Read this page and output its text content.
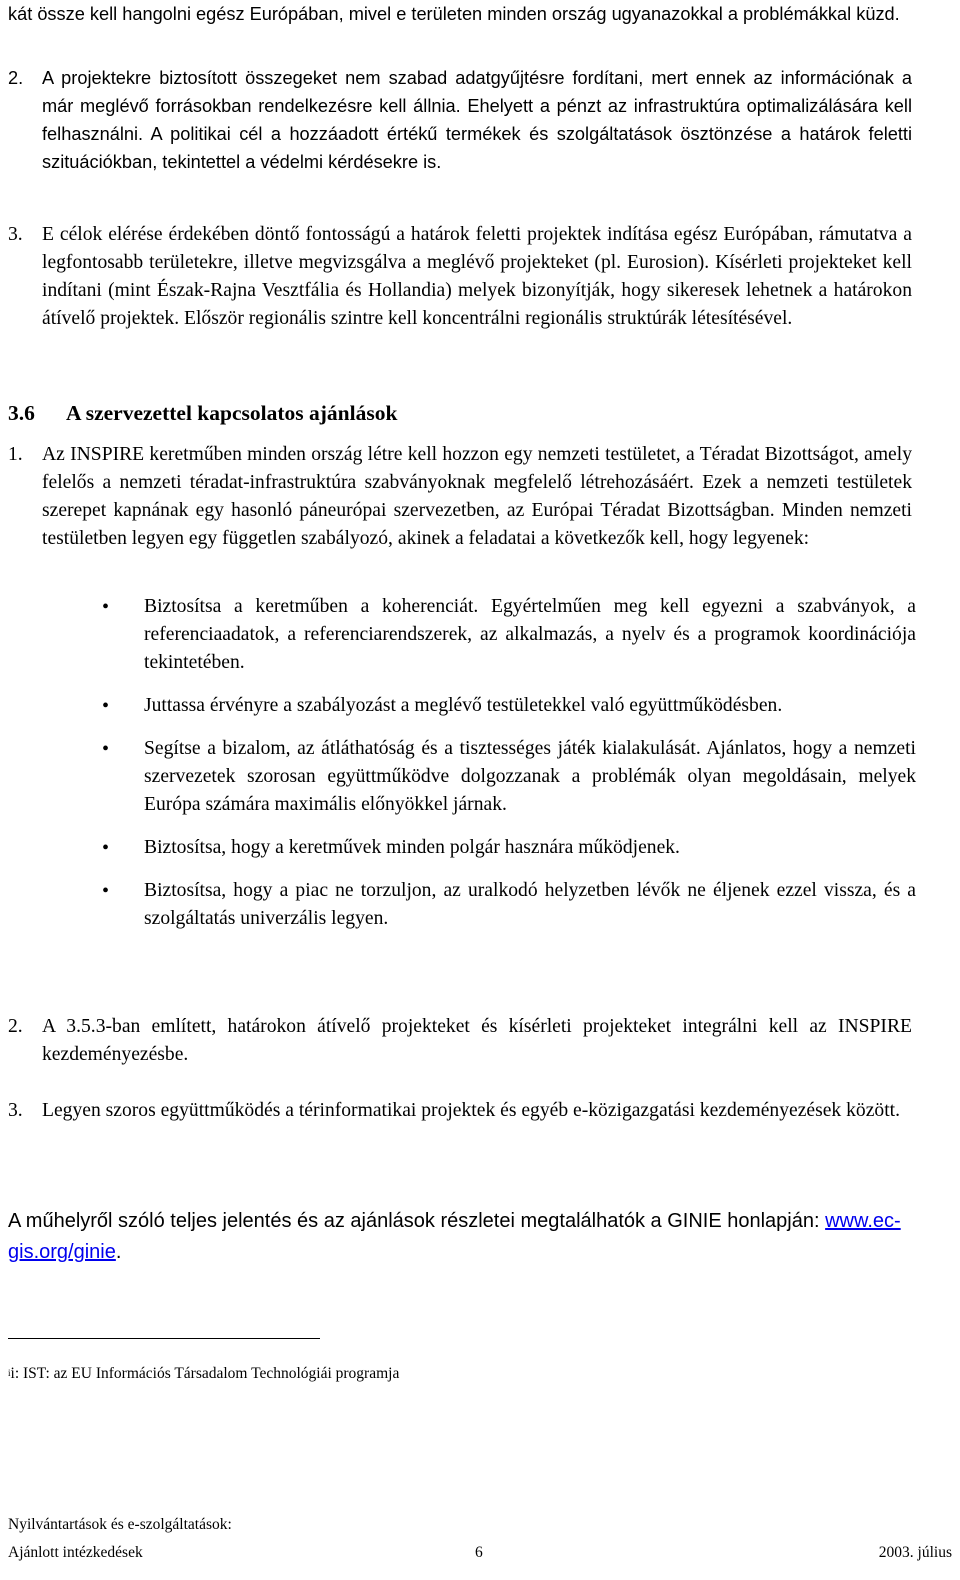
kát össze kell hangolni egész Európában, mivel e területen minden ország ugyanazokkal a problémákkal küzd.

2. A projektekre biztosított összegeket nem szabad adatgyűjtésre fordítani, mert ennek az információnak a már meglévő forrásokban rendelkezésre kell állnia. Ehelyett a pénzt az infrastruktúra optimalizálására kell felhasználni. A politikai cél a hozzáadott értékű termékek és szolgáltatások ösztönzése a határok feletti szituációkban, tekintettel a védelmi kérdésekre is.
3. E célok elérése érdekében döntő fontosságú a határok feletti projektek indítása egész Európában, rámutatva a legfontosabb területekre, illetve megvizsgálva a meglévő projekteket (pl. Eurosion). Kísérleti projekteket kell indítani (mint Észak-Rajna Vesztfália és Hollandia) melyek bizonyítják, hogy sikeresek lehetnek a határokon átívelő projektek. Először regionális szintre kell koncentrálni regionális struktúrák létesítésével.
3.6 A szervezettel kapcsolatos ajánlások
1. Az INSPIRE keretműben minden ország létre kell hozzon egy nemzeti testületet, a Téradat Bizottságot, amely felelős a nemzeti téradat-infrastruktúra szabványoknak megfelelő létrehozásáért. Ezek a nemzeti testületek szerepet kapnának egy hasonló páneurópai szervezetben, az Európai Téradat Bizottságban. Minden nemzeti testületben legyen egy független szabályozó, akinek a feladatai a következők kell, hogy legyenek:
• Biztosítsa a keretműben a koherenciát. Egyértelműen meg kell egyezni a szabványok, a referenciaadatok, a referenciarendszerek, az alkalmazás, a nyelv és a programok koordinációja tekintetében.
• Juttassa érvényre a szabályozást a meglévő testületekkel való együttműködésben.
• Segítse a bizalom, az átláthatóság és a tisztességes játék kialakulását. Ajánlatos, hogy a nemzeti szervezetek szorosan együttműködve dolgozzanak a problémák olyan megoldásain, melyek Európa számára maximális előnyökkel járnak.
• Biztosítsa, hogy a keretművek minden polgár hasznára működjenek.
• Biztosítsa, hogy a piac ne torzuljon, az uralkodó helyzetben lévők ne éljenek ezzel vissza, és a szolgáltatás univerzális legyen.
2. A 3.5.3-ban említett, határokon átívelő projekteket és kísérleti projekteket integrálni kell az INSPIRE kezdeményezésbe.
3. Legyen szoros együttműködés a térinformatikai projektek és egyéb e-közigazgatási kezdeményezések között.

A műhelyről szóló teljes jelentés és az ajánlások részletei megtalálhatók a GINIE honlapján: www.ec-gis.org/ginie.

$^i$i: IST: az EU Információs Társadalom Technológiái programja

Nyilvántartások és e-szolgáltatások:

Ajánlott intézkedések	6	2003. július
